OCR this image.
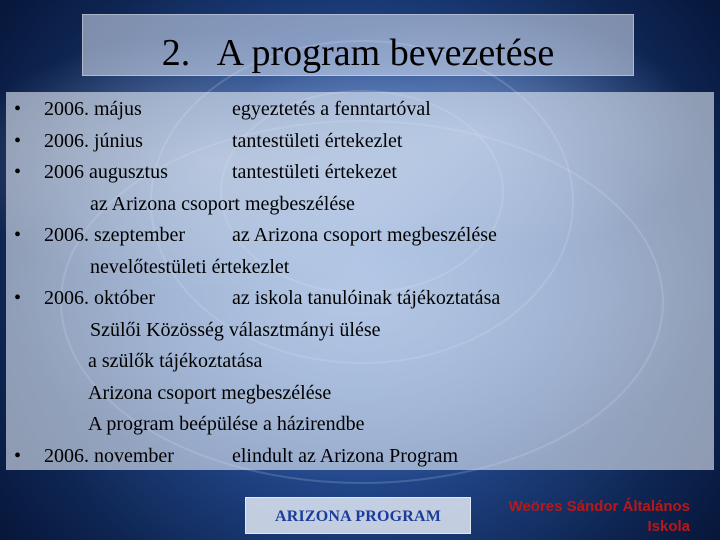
2.   A program bevezetése
•	2006. május	egyeztetés a fenntartóval
•	2006. június	tantestületi értekezlet
•	2006 augusztus	tantestületi értekezet
az Arizona csoport megbeszélése
•	2006. szeptember az Arizona csoport megbeszélése
nevelőtestületi értekezlet
•	2006. október	az iskola tanulóinak tájékoztatása
Szülői Közösség választmányi ülése
a szülők tájékoztatása
Arizona csoport megbeszélése
A program beépülése a házirendbe
•	2006. november	elindult az Arizona Program
ARIZONA PROGRAM
Weöres Sándor Általános
Iskola
